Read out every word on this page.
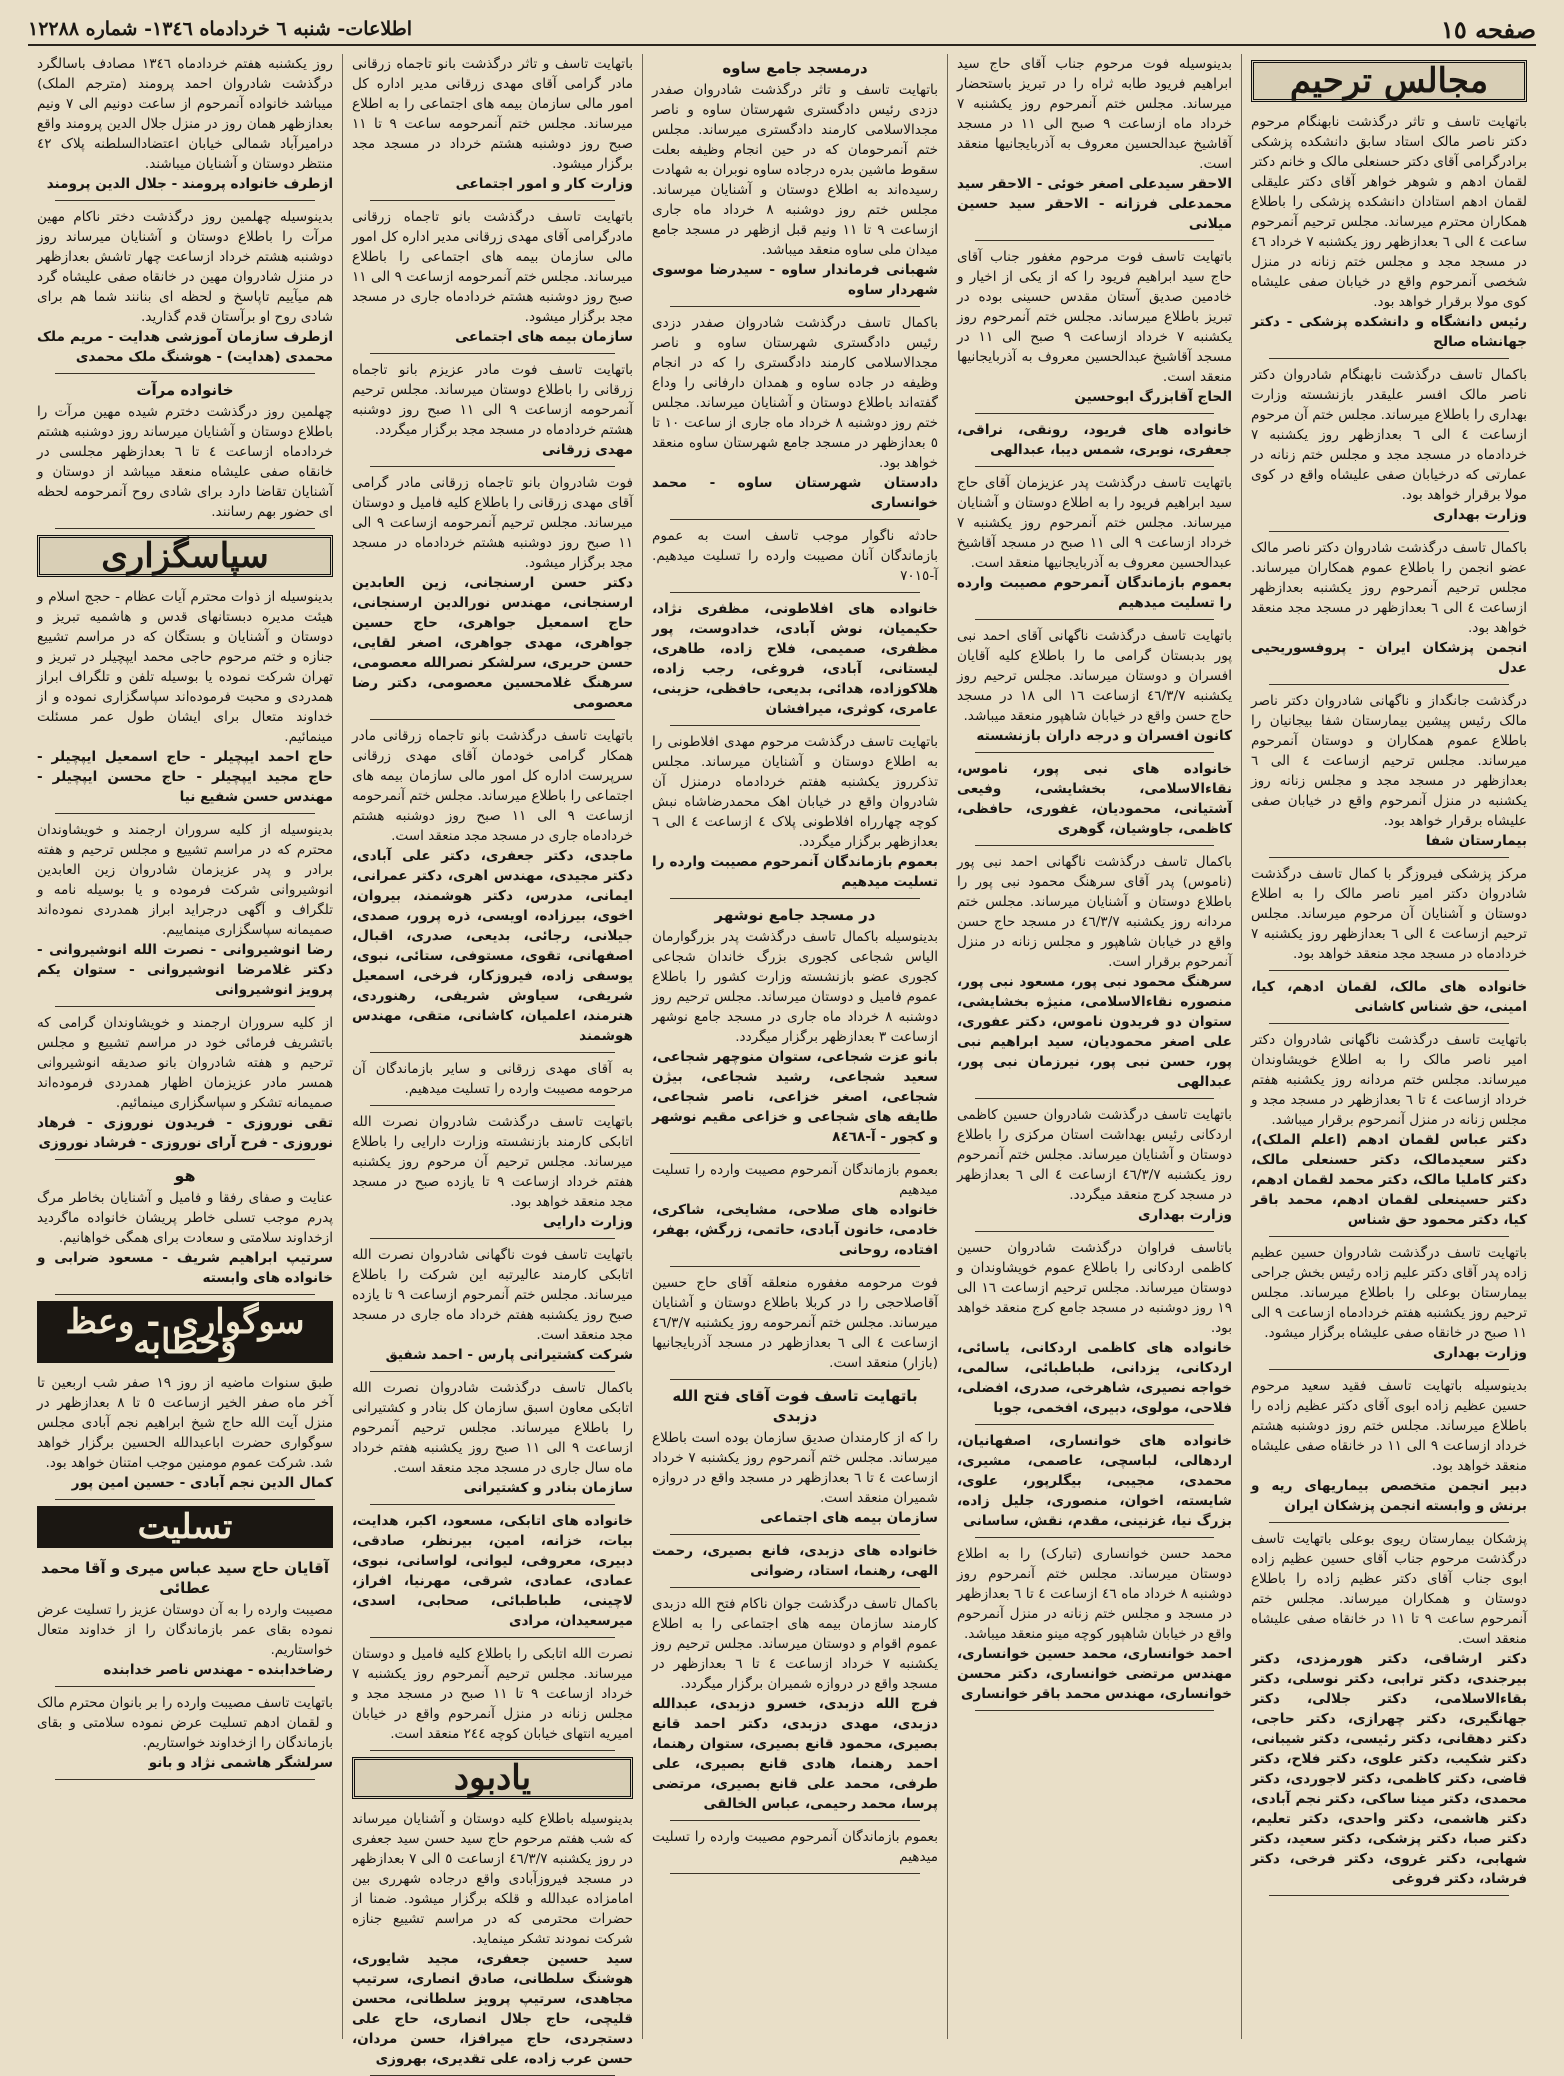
صفحه ١٥
اطلاعات- شنبه ٦ خردادماه ١٣٤٦- شماره ١٢٢٨٨
مجالس ترحیم

باتهایت تاسف و تاثر درگذشت نابهنگام مرحوم دکتر ناصر مالک استاد سابق دانشکده پزشکی برادرگرامی آقای دکتر حسنعلی مالک و خانم دکتر لقمان ادهم و شوهر خواهر آقای دکتر علیقلی لقمان ادهم استادان دانشکده پزشکی را باطلاع همکاران محترم میرساند. مجلس ترحیم آنمرحوم ساعت ٤ الی ٦ بعدازظهر روز یکشنبه ٧ خرداد ٤٦ در مسجد مجد و مجلس ختم زنانه در منزل شخصی آنمرحوم واقع در خیابان صفی علیشاه کوی مولا برقرار خواهد بود.

رئیس دانشگاه و دانشکده پزشکی - دکتر جهانشاه صالح

باکمال تاسف درگذشت نابهنگام شادروان دکتر ناصر مالک افسر علیقدر بازنشسته وزارت بهداری را باطلاع میرساند. مجلس ختم آن مرحوم ازساعت ٤ الی ٦ بعدازظهر روز یکشنبه ٧ خردادماه در مسجد مجد و مجلس ختم زنانه در عمارتی که درخیابان صفی علیشاه واقع در کوی مولا برقرار خواهد بود.

وزارت بهداری

باکمال تاسف درگذشت شادروان دکتر ناصر مالک عضو انجمن را باطلاع عموم همکاران میرساند. مجلس ترحیم آنمرحوم روز یکشنبه بعدازظهر ازساعت ٤ الی ٦ بعدازظهر در مسجد مجد منعقد خواهد بود.

انجمن پزشکان ایران - پروفسوریحیی عدل

درگذشت جانگداز و ناگهانی شادروان دکتر ناصر مالک رئیس پیشین بیمارستان شفا بیجانیان را باطلاع عموم همکاران و دوستان آنمرحوم میرساند. مجلس ترحیم ازساعت ٤ الی ٦ بعدازظهر در مسجد مجد و مجلس زنانه روز یکشنبه در منزل آنمرحوم واقع در خیابان صفی علیشاه برقرار خواهد بود.

بیمارستان شفا

مرکز پزشکی فیروزگر با کمال تاسف درگذشت شادروان دکتر امیر ناصر مالک را به اطلاع دوستان و آشنایان آن مرحوم میرساند. مجلس ترحیم ازساعت ٤ الی ٦ بعدازظهر روز یکشنبه ٧ خردادماه در مسجد مجد منعقد خواهد بود.

خانواده های مالک، لقمان ادهم، کیا، امینی، حق شناس کاشانی

باتهایت تاسف درگذشت ناگهانی شادروان دکتر امیر ناصر مالک را به اطلاع خویشاوندان میرساند. مجلس ختم مردانه روز یکشنبه هفتم خرداد ازساعت ٤ تا ٦ بعدازظهر در مسجد مجد و مجلس زنانه در منزل آنمرحوم برقرار میباشد.

دکتر عباس لقمان ادهم (اعلم الملک)، دکتر سعیدمالک، دکتر حسنعلی مالک، دکتر کاملیا مالک، دکتر محمد لقمان ادهم، دکتر حسینعلی لقمان ادهم، محمد باقر کیا، دکتر محمود حق شناس

باتهایت تاسف درگذشت شادروان حسین عظیم زاده پدر آقای دکتر علیم زاده رئیس بخش جراحی بیمارستان بوعلی را باطلاع میرساند. مجلس ترحیم روز یکشنبه هفتم خردادماه ازساعت ٩ الی ١١ صبح در خانقاه صفی علیشاه برگزار میشود.

وزارت بهداری

بدینوسیله باتهایت تاسف فقید سعید مرحوم حسین عظیم زاده ابوی آقای دکتر عظیم زاده را باطلاع میرساند. مجلس ختم روز دوشنبه هشتم خرداد ازساعت ٩ الی ١١ در خانقاه صفی علیشاه منعقد خواهد بود.

دبیر انجمن متخصص بیماریهای ریه و برنش و وابسته انجمن پزشکان ایران

پزشکان بیمارستان ریوی بوعلی باتهایت تاسف درگذشت مرحوم جناب آقای حسین عظیم زاده ابوی جناب آقای دکتر عظیم زاده را باطلاع دوستان و همکاران میرساند. مجلس ختم آنمرحوم ساعت ٩ تا ١١ در خانقاه صفی علیشاه منعقد است.

دکتر ارشاقی، دکتر هورمزدی، دکتر بیرجندی، دکتر ترابی، دکتر نوسلی، دکتر بقاءالاسلامی، دکتر جلالی، دکتر جهانگیری، دکتر چهرازی، دکتر حاجی، دکتر دهقانی، دکتر رئیسی، دکتر شیبانی، دکتر شکیب، دکتر علوی، دکتر فلاح، دکتر قاضی، دکتر کاظمی، دکتر لاجوردی، دکتر محمدی، دکتر مینا ساکی، دکتر نجم آبادی، دکتر هاشمی، دکتر واحدی، دکتر تعلیم، دکتر صبا، دکتر پزشکی، دکتر سعید، دکتر شهابی، دکتر غروی، دکتر فرخی، دکتر فرشاد، دکتر فروغی

بدینوسیله فوت مرحوم جناب آقای حاج سید ابراهیم فریود طابه ثراه را در تبریز باستحضار میرساند. مجلس ختم آنمرحوم روز یکشنبه ٧ خرداد ماه ازساعت ٩ صبح الی ١١ در مسجد آقاشیخ عبدالحسین معروف به آذربایجانیها منعقد است.

الاحقر سیدعلی اصغر خوئی - الاحقر سید محمدعلی فرزانه - الاحقر سید حسین میلانی

باتهایت تاسف فوت مرحوم مغفور جناب آقای حاج سید ابراهیم فریود را که از یکی از اخیار و خادمین صدیق آستان مقدس حسینی بوده در تبریز باطلاع میرساند. مجلس ختم آنمرحوم روز یکشنبه ٧ خرداد ازساعت ٩ صبح الی ١١ در مسجد آقاشیخ عبدالحسین معروف به آذربایجانیها منعقد است.

الحاج آقابزرگ ابوحسین

خانواده های فریود، رونقی، نراقی، جعفری، نوبری، شمس دیبا، عبدالهی

باتهایت تاسف درگذشت پدر عزیزمان آقای حاج سید ابراهیم فریود را به اطلاع دوستان و آشنایان میرساند. مجلس ختم آنمرحوم روز یکشنبه ٧ خرداد ازساعت ٩ الی ١١ صبح در مسجد آقاشیخ عبدالحسین معروف به آذربایجانیها منعقد است.

بعموم بازماندگان آنمرحوم مصیبت وارده را تسلیت میدهیم

باتهایت تاسف درگذشت ناگهانی آقای احمد نبی پور بدبستان گرامی ما را باطلاع کلیه آقایان افسران و دوستان میرساند. مجلس ترحیم روز یکشنبه ٤٦/٣/٧ ازساعت ١٦ الی ١٨ در مسجد حاج حسن واقع در خیابان شاهپور منعقد میباشد.

کانون افسران و درجه داران بازنشسته

خانواده های نبی پور، ناموس، نقاءالاسلامی، بخشایشی، وفیعی آشتیانی، محمودیان، غفوری، حافظی، کاظمی، جاوشیان، گوهری

باکمال تاسف درگذشت ناگهانی احمد نبی پور (ناموس) پدر آقای سرهنگ محمود نبی پور را باطلاع دوستان و آشنایان میرساند. مجلس ختم مردانه روز یکشنبه ٤٦/٣/٧ در مسجد حاج حسن واقع در خیابان شاهپور و مجلس زنانه در منزل آنمرحوم برقرار است.

سرهنگ محمود نبی پور، مسعود نبی پور، منصوره نقاءالاسلامی، منیژه بخشایشی، ستوان دو فریدون ناموس، دکتر عفوری، علی اصغر محمودیان، سید ابراهیم نبی پور، حسن نبی پور، نیرزمان نبی پور، عبدالهی

باتهایت تاسف درگذشت شادروان حسین کاظمی اردکانی رئیس بهداشت استان مرکزی را باطلاع دوستان و آشنایان میرساند. مجلس ختم آنمرحوم روز یکشنبه ٤٦/٣/٧ ازساعت ٤ الی ٦ بعدازظهر در مسجد کرج منعقد میگردد.

وزارت بهداری

باتاسف فراوان درگذشت شادروان حسین کاظمی اردکانی را باطلاع عموم خویشاوندان و دوستان میرساند. مجلس ترحیم ازساعت ١٦ الی ١٩ روز دوشنبه در مسجد جامع کرج منعقد خواهد بود.

خانواده های کاظمی اردکانی، یاسائی، اردکانی، یزدانی، طباطبائی، سالمی، خواجه نصیری، شاهرخی، صدری، افضلی، فلاحی، مولوی، دبیری، افخمی، جویا

خانواده های خوانساری، اصفهانیان، اردهالی، لباسچی، عاصمی، مشیری، محمدی، مجیبی، بیگلرپور، علوی، شایسته، اخوان، منصوری، جلیل زاده، بزرگ نیا، غزنینی، مقدم، نقش، ساسانی

محمد حسن خوانساری (تبارک) را به اطلاع دوستان میرساند. مجلس ختم آنمرحوم روز دوشنبه ٨ خرداد ماه ٤٦ ازساعت ٤ تا ٦ بعدازظهر در مسجد و مجلس ختم زنانه در منزل آنمرحوم واقع در خیابان شاهپور کوچه مینو منعقد میباشد.

احمد خوانساری، محمد حسین خوانساری، مهندس مرتضی خوانساری، دکتر محسن خوانساری، مهندس محمد باقر خوانساری

درمسجد جامع ساوه

باتهایت تاسف و تاثر درگذشت شادروان صفدر دزدی رئیس دادگستری شهرستان ساوه و ناصر مجدالاسلامی کارمند دادگستری میرساند. مجلس ختم آنمرحومان که در حین انجام وظیفه بعلت سقوط ماشین بدره درجاده ساوه نوبران به شهادت رسیده‌اند به اطلاع دوستان و آشنایان میرساند. مجلس ختم روز دوشنبه ٨ خرداد ماه جاری ازساعت ٩ تا ١١ ونیم قبل ازظهر در مسجد جامع میدان ملی ساوه منعقد میباشد.

شهبانی فرماندار ساوه - سیدرضا موسوی شهردار ساوه

باکمال تاسف درگذشت شادروان صفدر دزدی رئیس دادگستری شهرستان ساوه و ناصر مجدالاسلامی کارمند دادگستری را که در انجام وظیفه در جاده ساوه و همدان دارفانی را وداع گفته‌اند باطلاع دوستان و آشنایان میرساند. مجلس ختم روز دوشنبه ٨ خرداد ماه جاری از ساعت ١٠ تا ٥ بعدازظهر در مسجد جامع شهرستان ساوه منعقد خواهد بود.

دادستان شهرستان ساوه - محمد خوانساری

حادثه ناگوار موجب تاسف است به عموم بازماندگان آنان مصیبت وارده را تسلیت میدهیم. آ-٧٠١٥

خانواده های افلاطونی، مظفری نژاد، حکیمیان، نوش آبادی، خدادوست، پور مظفری، صمیمی، فلاح زاده، طاهری، لیستانی، آبادی، فروغی، رجب زاده، هلاکوزاده، هدائی، بدیعی، حافظی، حزینی، عامری، کوثری، میرافشان

باتهایت تاسف درگذشت مرحوم مهدی افلاطونی را به اطلاع دوستان و آشنایان میرساند. مجلس تذکرروز یکشنبه هفتم خردادماه درمنزل آن شادروان واقع در خیابان اهک محمدرضاشاه نبش کوچه چهارراه افلاطونی پلاک ٤ ازساعت ٤ الی ٦ بعدازظهر برگزار میگردد.

بعموم بازماندگان آنمرحوم مصیبت وارده را تسلیت میدهیم

در مسجد جامع نوشهر

بدینوسیله باکمال تاسف درگذشت پدر بزرگوارمان الیاس شجاعی کجوری بزرگ خاندان شجاعی کجوری عضو بازنشسته وزارت کشور را باطلاع عموم فامیل و دوستان میرساند. مجلس ترحیم روز دوشنبه ٨ خرداد ماه جاری در مسجد جامع نوشهر ازساعت ٣ بعدازظهر برگزار میگردد.

بانو عزت شجاعی، ستوان منوچهر شجاعی، سعید شجاعی، رشید شجاعی، بیژن شجاعی، اصغر خزاعی، ناصر شجاعی، طایفه های شجاعی و خزاعی مقیم نوشهر و کجور - آ-٨٤٦٨

بعموم بازماندگان آنمرحوم مصیبت وارده را تسلیت میدهیم

خانواده های صلاحی، مشایخی، شاکری، خادمی، خانون آبادی، حاتمی، زرگش، بهفر، افتاده، روحانی

فوت مرحومه مغفوره منعلقه آقای حاج حسین آقاصلاحجی را در کربلا باطلاع دوستان و آشنایان میرساند. مجلس ختم آنمرحومه روز یکشنبه ٤٦/٣/٧ ازساعت ٤ الی ٦ بعدازظهر در مسجد آذربایجانیها (بازار) منعقد است.

باتهایت تاسف فوت آقای فتح الله دزبدی

را که از کارمندان صدیق سازمان بوده است باطلاع میرساند. مجلس ختم آنمرحوم روز یکشنبه ٧ خرداد ازساعت ٤ تا ٦ بعدازظهر در مسجد واقع در دروازه شمیران منعقد است.

سازمان بیمه های اجتماعی

خانواده های دزبدی، فانع بصیری، رحمت الهی، رهنما، استاد، رضوانی

باکمال تاسف درگذشت جوان ناکام فتح الله دزبدی کارمند سازمان بیمه های اجتماعی را به اطلاع عموم اقوام و دوستان میرساند. مجلس ترحیم روز یکشنبه ٧ خرداد ازساعت ٤ تا ٦ بعدازظهر در مسجد واقع در دروازه شمیران برگزار میگردد.

فرج الله دزبدی، خسرو دزبدی، عبدالله دزبدی، مهدی دزبدی، دکتر احمد قانع بصیری، محمود قانع بصیری، ستوان رهنما، احمد رهنما، هادی قانع بصیری، علی طرفی، محمد علی قانع بصیری، مرتضی پرسا، محمد رحیمی، عباس الخالقی

بعموم بازماندگان آنمرحوم مصیبت وارده را تسلیت میدهیم

باتهایت تاسف و تاثر درگذشت بانو تاجماه زرقانی مادر گرامی آقای مهدی زرقانی مدیر اداره کل امور مالی سازمان بیمه های اجتماعی را به اطلاع میرساند. مجلس ختم آنمرحومه ساعت ٩ تا ١١ صبح روز دوشنبه هشتم خرداد در مسجد مجد برگزار میشود.

وزارت کار و امور اجتماعی

باتهایت تاسف درگذشت بانو تاجماه زرقانی مادرگرامی آقای مهدی زرقانی مدیر اداره کل امور مالی سازمان بیمه های اجتماعی را باطلاع میرساند. مجلس ختم آنمرحومه ازساعت ٩ الی ١١ صبح روز دوشنبه هشتم خردادماه جاری در مسجد مجد برگزار میشود.

سازمان بیمه های اجتماعی

باتهایت تاسف فوت مادر عزیزم بانو تاجماه زرقانی را باطلاع دوستان میرساند. مجلس ترحیم آنمرحومه ازساعت ٩ الی ١١ صبح روز دوشنبه هشتم خردادماه در مسجد مجد برگزار میگردد.

مهدی زرقانی

فوت شادروان بانو تاجماه زرقانی مادر گرامی آقای مهدی زرقانی را باطلاع کلیه فامیل و دوستان میرساند. مجلس ترحیم آنمرحومه ازساعت ٩ الی ١١ صبح روز دوشنبه هشتم خردادماه در مسجد مجد برگزار میشود.

دکتر حسن ارسنجانی، زین العابدین ارسنجانی، مهندس نورالدین ارسنجانی، حاج اسمعیل جواهری، حاج حسین جواهری، مهدی جواهری، اصغر لقایی، حسن حریری، سرلشکر نصرالله معصومی، سرهنگ غلامحسین معصومی، دکتر رضا معصومی

باتهایت تاسف درگذشت بانو تاجماه زرقانی مادر همکار گرامی خودمان آقای مهدی زرقانی سرپرست اداره کل امور مالی سازمان بیمه های اجتماعی را باطلاع میرساند. مجلس ختم آنمرحومه ازساعت ٩ الی ١١ صبح روز دوشنبه هشتم خردادماه جاری در مسجد مجد منعقد است.

ماجدی، دکتر جعفری، دکتر علی آبادی، دکتر مجیدی، مهندس اهری، دکتر عمرانی، ایمانی، مدرس، دکتر هوشمند، بیروان، اخوی، بیرزاده، اویسی، ذره پرور، صمدی، جیلانی، رجائی، بدیعی، صدری، اقبال، اصفهانی، تقوی، مستوفی، ستائی، نبوی، یوسفی زاده، فیروزکار، فرخی، اسمعیل شریفی، سیاوش شریفی، رهنوردی، هنرمند، اعلمیان، کاشانی، متقی، مهندس هوشمند

به آقای مهدی زرقانی و سایر بازماندگان آن مرحومه مصیبت وارده را تسلیت میدهیم.

باتهایت تاسف درگذشت شادروان نصرت الله اتابکی کارمند بازنشسته وزارت دارایی را باطلاع میرساند. مجلس ترحیم آن مرحوم روز یکشنبه هفتم خرداد ازساعت ٩ تا یازده صبح در مسجد مجد منعقد خواهد بود.

وزارت دارایی

باتهایت تاسف فوت ناگهانی شادروان نصرت الله اتابکی کارمند عالیرتبه این شرکت را باطلاع میرساند. مجلس ختم آنمرحوم ازساعت ٩ تا یازده صبح روز یکشنبه هفتم خرداد ماه جاری در مسجد مجد منعقد است.

شرکت کشتیرانی پارس - احمد شفیق

باکمال تاسف درگذشت شادروان نصرت الله اتابکی معاون اسبق سازمان کل بنادر و کشتیرانی را باطلاع میرساند. مجلس ترحیم آنمرحوم ازساعت ٩ الی ١١ صبح روز یکشنبه هفتم خرداد ماه سال جاری در مسجد مجد منعقد است.

سازمان بنادر و کشتیرانی

خانواده های اتابکی، مسعود، اکبر، هدایت، بیات، خزانه، امین، بیرنظر، صادقی، دبیری، معروفی، لیوانی، لواسانی، نبوی، عمادی، عمادی، شرقی، مهرنیا، افراز، لاچینی، طباطبائی، صحابی، اسدی، میرسعیدان، مرادی

نصرت الله اتابکی را باطلاع کلیه فامیل و دوستان میرساند. مجلس ترحیم آنمرحوم روز یکشنبه ٧ خرداد ازساعت ٩ تا ١١ صبح در مسجد مجد و مجلس زنانه در منزل آنمرحوم واقع در خیابان امیریه انتهای خیابان کوچه ٢٤٤ منعقد است.

یادبود

بدینوسیله باطلاع کلیه دوستان و آشنایان میرساند که شب هفتم مرحوم حاج سید حسن سید جعفری در روز یکشنبه ٤٦/٣/٧ ازساعت ٥ الی ٧ بعدازظهر در مسجد فیروزآبادی واقع درجاده شهرری بین امامزاده عبدالله و قلکه برگزار میشود. ضمنا از حضرات محترمی که در مراسم تشییع جنازه شرکت نمودند تشکر مینماید.

سید حسین جعفری، مجید شایوری، هوشنگ سلطانی، صادق انصاری، سرتیپ مجاهدی، سرتیپ پرویز سلطانی، محسن قلیچی، حاج جلال انصاری، حاج علی دستجردی، حاج میرافزا، حسن مردان، حسن عرب زاده، علی تقدیری، بهروزی

روز یکشنبه هفتم خردادماه ١٣٤٦ مصادف باسالگرد درگذشت شادروان احمد پرومند (مترجم الملک) میباشد خانواده آنمرحوم از ساعت دونیم الی ٧ ونیم بعدازظهر همان روز در منزل جلال الدین پرومند واقع درامیرآباد شمالی خیابان اعتضادالسلطنه پلاک ٤٢ منتظر دوستان و آشنایان میباشند.

ازطرف خانواده پرومند - جلال الدین پرومند

بدینوسیله چهلمین روز درگذشت دختر ناکام مهین مرآت را باطلاع دوستان و آشنایان میرساند روز دوشنبه هشتم خرداد ازساعت چهار تاشش بعدازظهر در منزل شادروان مهین در خانقاه صفی علیشاه گرد هم میآییم تاپاسخ و لحظه ای بنانند شما هم برای شادی روح او برآستان قدم گذارید.

ازطرف سازمان آموزشی هدایت - مریم ملک محمدی (هدایت) - هوشنگ ملک محمدی

خانواده مرآت

چهلمین روز درگذشت دخترم شیده مهین مرآت را باطلاع دوستان و آشنایان میرساند روز دوشنبه هشتم خردادماه ازساعت ٤ تا ٦ بعدازظهر مجلسی در خانقاه صفی علیشاه منعقد میباشد از دوستان و آشنایان تقاضا دارد برای شادی روح آنمرحومه لحظه ای حضور بهم رسانند.

سپاسگزاری

بدینوسیله از ذوات محترم آیات عظام - حجج اسلام و هیئت مدیره دبستانهای قدس و هاشمیه تبریز و دوستان و آشنایان و بستگان که در مراسم تشییع جنازه و ختم مرحوم حاجی محمد ایپچیلر در تبریز و تهران شرکت نموده یا بوسیله تلفن و تلگراف ابراز همدردی و محبت فرموده‌اند سپاسگزاری نموده و از خداوند متعال برای ایشان طول عمر مسئلت مینمائیم.

حاج احمد ایپچیلر - حاج اسمعیل ایپچیلر - حاج مجید ایپچیلر - حاج محسن ایپچیلر - مهندس حسن شفیع نیا

بدینوسیله از کلیه سروران ارجمند و خویشاوندان محترم که در مراسم تشییع و مجلس ترحیم و هفته برادر و پدر عزیزمان شادروان زین العابدین انوشیروانی شرکت فرموده و یا بوسیله نامه و تلگراف و آگهی درجراید ابراز همدردی نموده‌اند صمیمانه سپاسگزاری مینماییم.

رضا انوشیروانی - نصرت الله انوشیروانی - دکتر غلامرضا انوشیروانی - ستوان یکم پرویز انوشیروانی

از کلیه سروران ارجمند و خویشاوندان گرامی که باتشریف فرمائی خود در مراسم تشییع و مجلس ترحیم و هفته شادروان بانو صدیقه انوشیروانی همسر مادر عزیزمان اظهار همدردی فرموده‌اند صمیمانه تشکر و سپاسگزاری مینمائیم.

تقی نوروزی - فریدون نوروزی - فرهاد نوروزی - فرح آرای نوروزی - فرشاد نوروزی

هو

عنایت و صفای رفقا و فامیل و آشنایان بخاطر مرگ پدرم موجب تسلی خاطر پریشان خانواده ماگردید ازخداوند سلامتی و سعادت برای همگی خواهانیم.

سرتیپ ابراهیم شریف - مسعود ضرابی و خانواده های وابسته

سوگواری - وعظ وخطابه

طبق سنوات ماضیه از روز ١٩ صفر شب اربعین تا آخر ماه صفر الخیر ازساعت ٥ تا ٨ بعدازظهر در منزل آیت الله حاج شیخ ابراهیم نجم آبادی مجلس سوگواری حضرت اباعبدالله الحسین برگزار خواهد شد. شرکت عموم مومنین موجب امتنان خواهد بود.

کمال الدین نجم آبادی - حسین امین پور

تسلیت
آقایان حاج سید عباس میری و آقا محمد عطائی

مصیبت وارده را به آن دوستان عزیز را تسلیت عرض نموده بقای عمر بازماندگان را از خداوند متعال خواستاریم.

رضاخدابنده - مهندس ناصر خدابنده

باتهایت تاسف مصیبت وارده را بر بانوان محترم مالک و لقمان ادهم تسلیت عرض نموده سلامتی و بقای بازماندگان را ازخداوند خواستاریم.

سرلشگر هاشمی نژاد و بانو
